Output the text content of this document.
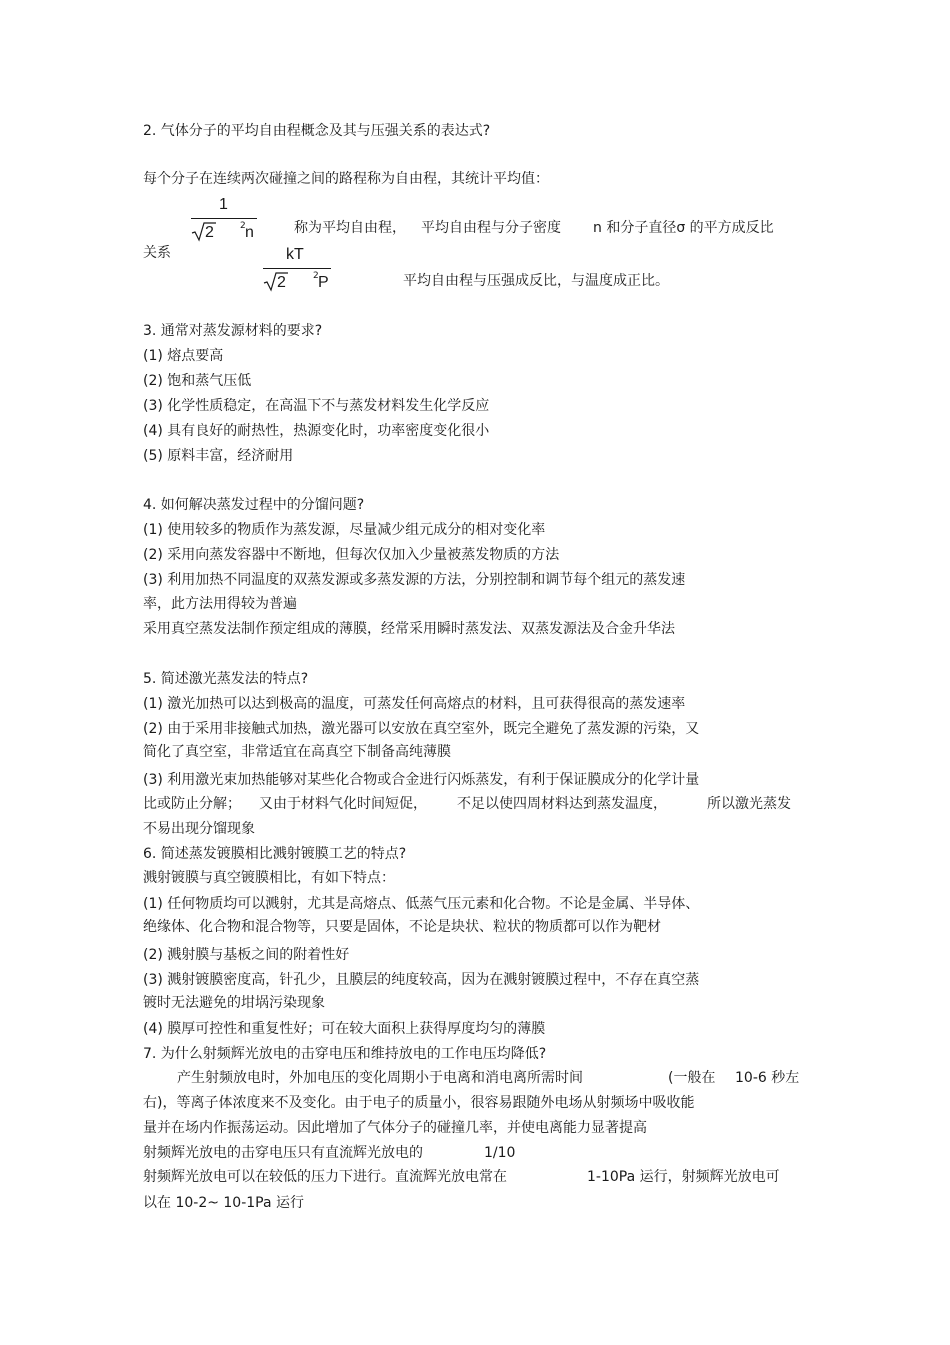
2. 气体分子的平均自由程概念及其与压强关系的表达式?
每个分子在连续两次碰撞之间的路程称为自由程，其统计平均值：
1
2	2 n	称为平均自由程， 平均自由程与分子密度 n 和分子直径σ 的平方成反比
关系	kT
2	2 P	平均自由程与压强成反比，与温度成正比。
3. 通常对蒸发源材料的要求?
(1) 熔点要高
(2) 饱和蒸气压低
(3) 化学性质稳定，在高温下不与蒸发材料发生化学反应
(4) 具有良好的耐热性，热源变化时，功率密度变化很小
(5) 原料丰富，经济耐用
4. 如何解决蒸发过程中的分馏问题?
(1) 使用较多的物质作为蒸发源，尽量减少组元成分的相对变化率
(2) 采用向蒸发容器中不断地，但每次仅加入少量被蒸发物质的方法
(3) 利用加热不同温度的双蒸发源或多蒸发源的方法，分别控制和调节每个组元的蒸发速
率，此方法用得较为普遍
采用真空蒸发法制作预定组成的薄膜，经常采用瞬时蒸发法、双蒸发源法及合金升华法
5. 简述激光蒸发法的特点?
(1) 激光加热可以达到极高的温度，可蒸发任何高熔点的材料，且可获得很高的蒸发速率
(2) 由于采用非接触式加热，激光器可以安放在真空室外，既完全避免了蒸发源的污染，又
简化了真空室，非常适宜在高真空下制备高纯薄膜
(3) 利用激光束加热能够对某些化合物或合金进行闪烁蒸发，有利于保证膜成分的化学计量
比或防止分解； 又由于材料气化时间短促， 不足以使四周材料达到蒸发温度，	所以激光蒸发
不易出现分馏现象
6. 简述蒸发镀膜相比溅射镀膜工艺的特点?
溅射镀膜与真空镀膜相比，有如下特点：
(1) 任何物质均可以溅射，尤其是高熔点、低蒸气压元素和化合物。不论是金属、半导体、
绝缘体、化合物和混合物等，只要是固体，不论是块状、粒状的物质都可以作为靶材
(2) 溅射膜与基板之间的附着性好
(3) 溅射镀膜密度高，针孔少，且膜层的纯度较高，因为在溅射镀膜过程中，不存在真空蒸
镀时无法避免的坩埚污染现象
(4) 膜厚可控性和重复性好；可在较大面积上获得厚度均匀的薄膜
7. 为什么射频辉光放电的击穿电压和维持放电的工作电压均降低?
产生射频放电时，外加电压的变化周期小于电离和消电离所需时间	(一般在 10-6 秒左
右)，等离子体浓度来不及变化。由于电子的质量小，很容易跟随外电场从射频场中吸收能
量并在场内作振荡运动。因此增加了气体分子的碰撞几率，并使电离能力显著提高
射频辉光放电的击穿电压只有直流辉光放电的	1/10
射频辉光放电可以在较低的压力下进行。直流辉光放电常在	1-10Pa 运行，射频辉光放电可
以在 10-2~ 10-1Pa 运行
